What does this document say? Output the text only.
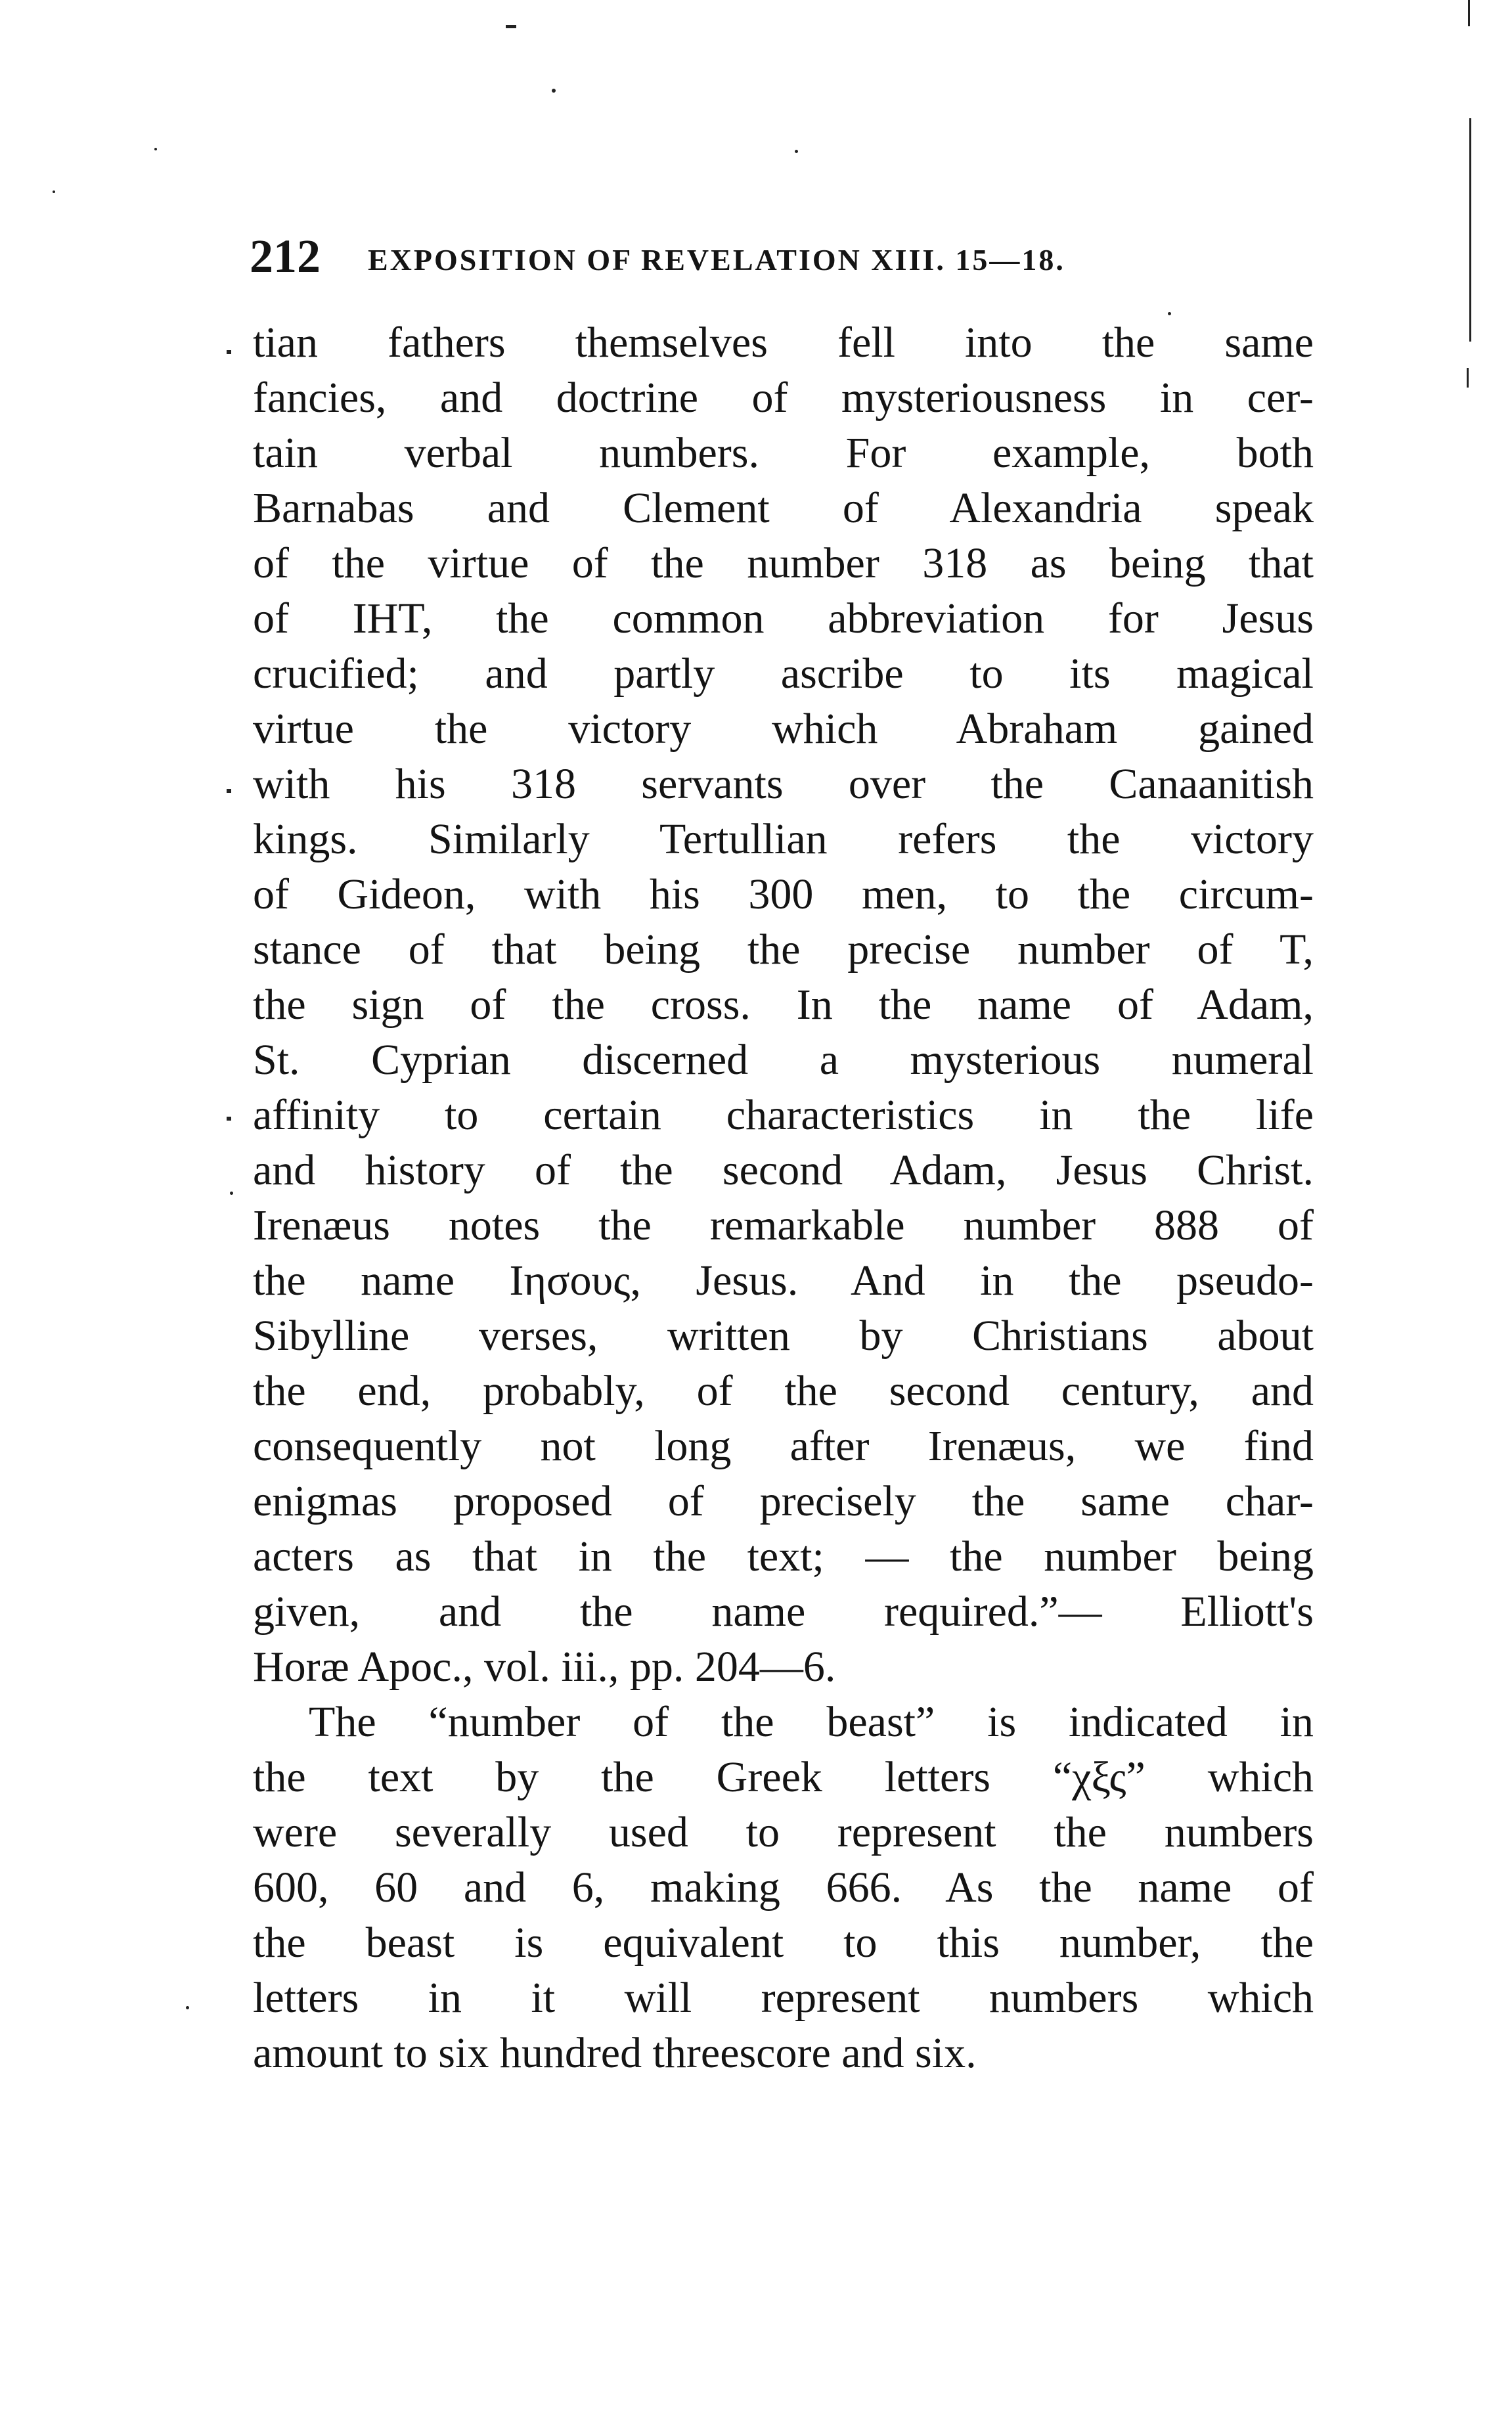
212 EXPOSITION OF REVELATION XIII. 15—18.
tian fathers themselves fell into the same
fancies, and doctrine of mysteriousness in cer-
tain verbal numbers. For example, both
Barnabas and Clement of Alexandria speak
of the virtue of the number 318 as being that
of IHT, the common abbreviation for Jesus
crucified; and partly ascribe to its magical
virtue the victory which Abraham gained
with his 318 servants over the Canaanitish
kings. Similarly Tertullian refers the victory
of Gideon, with his 300 men, to the circum-
stance of that being the precise number of T,
the sign of the cross. In the name of Adam,
St. Cyprian discerned a mysterious numeral
affinity to certain characteristics in the life
and history of the second Adam, Jesus Christ.
Irenæus notes the remarkable number 888 of
the name Ιησους, Jesus. And in the pseudo-
Sibylline verses, written by Christians about
the end, probably, of the second century, and
consequently not long after Irenæus, we find
enigmas proposed of precisely the same char-
acters as that in the text; — the number being
given, and the name required.”— Elliott's
Horæ Apoc., vol. iii., pp. 204—6.
The “number of the beast” is indicated in
the text by the Greek letters “χξς” which
were severally used to represent the numbers
600, 60 and 6, making 666. As the name of
the beast is equivalent to this number, the
letters in it will represent numbers which
amount to six hundred threescore and six.
